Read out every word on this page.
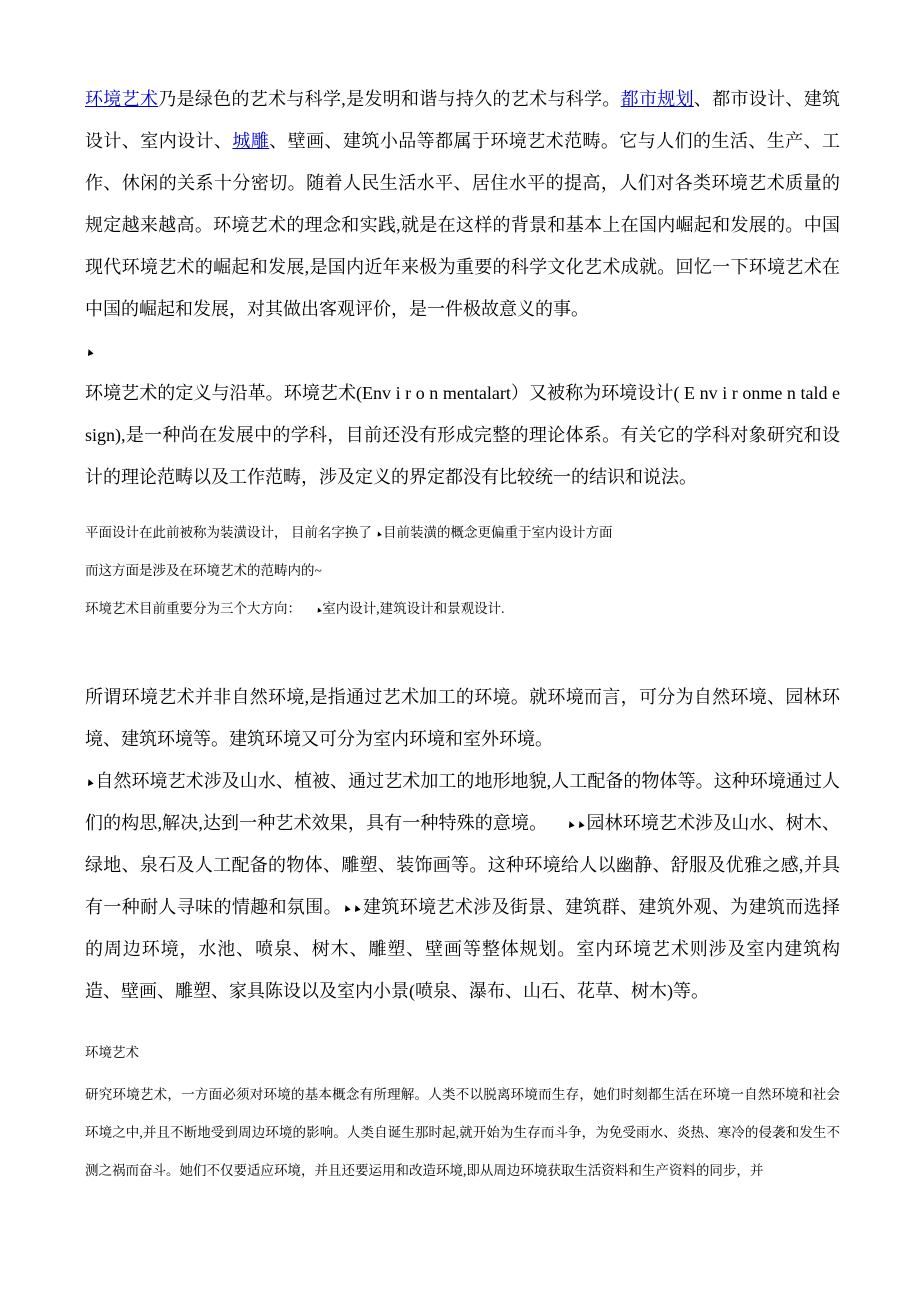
环境艺术乃是绿色的艺术与科学,是发明和谐与持久的艺术与科学。都市规划、都市设计、建筑设计、室内设计、城雕、壁画、建筑小品等都属于环境艺术范畴。它与人们的生活、生产、工作、休闲的关系十分密切。随着人民生活水平、居住水平的提高，人们对各类环境艺术质量的规定越来越高。环境艺术的理念和实践,就是在这样的背景和基本上在国内崛起和发展的。中国现代环境艺术的崛起和发展,是国内近年来极为重要的科学文化艺术成就。回忆一下环境艺术在中国的崛起和发展，对其做出客观评价，是一件极故意义的事。

▲

环境艺术的定义与沿革。环境艺术(Env i r o n mentalart）又被称为环境设计( E nv i r onme n tald e sign),是一种尚在发展中的学科，目前还没有形成完整的理论体系。有关它的学科对象研究和设计的理论范畴以及工作范畴，涉及定义的界定都没有比较统一的结识和说法。

平面设计在此前被称为装潢设计， 目前名字换了 ▲目前装潢的概念更偏重于室内设计方面

而这方面是涉及在环境艺术的范畴内的~

环境艺术目前重要分为三个大方向：    ▲室内设计,建筑设计和景观设计.

所谓环境艺术并非自然环境,是指通过艺术加工的环境。就环境而言，可分为自然环境、园林环境、建筑环境等。建筑环境又可分为室内环境和室外环境。

▲自然环境艺术涉及山水、植被、通过艺术加工的地形地貌,人工配备的物体等。这种环境通过人们的构思,解决,达到一种艺术效果，具有一种特殊的意境。    ▲▲园林环境艺术涉及山水、树木、绿地、泉石及人工配备的物体、雕塑、装饰画等。这种环境给人以幽静、舒服及优雅之感,并具有一种耐人寻味的情趣和氛围。▲▲建筑环境艺术涉及街景、建筑群、建筑外观、为建筑而选择的周边环境，水池、喷泉、树木、雕塑、壁画等整体规划。室内环境艺术则涉及室内建筑构造、壁画、雕塑、家具陈设以及室内小景(喷泉、瀑布、山石、花草、树木)等。

环境艺术

研究环境艺术，一方面必须对环境的基本概念有所理解。人类不以脱离环境而生存，她们时刻都生活在环境一自然环境和社会环境之中,并且不断地受到周边环境的影响。人类自诞生那时起,就开始为生存而斗争，为免受雨水、炎热、寒冷的侵袭和发生不测之祸而奋斗。她们不仅要适应环境，并且还要运用和改造环境,即从周边环境获取生活资料和生产资料的同步，并
